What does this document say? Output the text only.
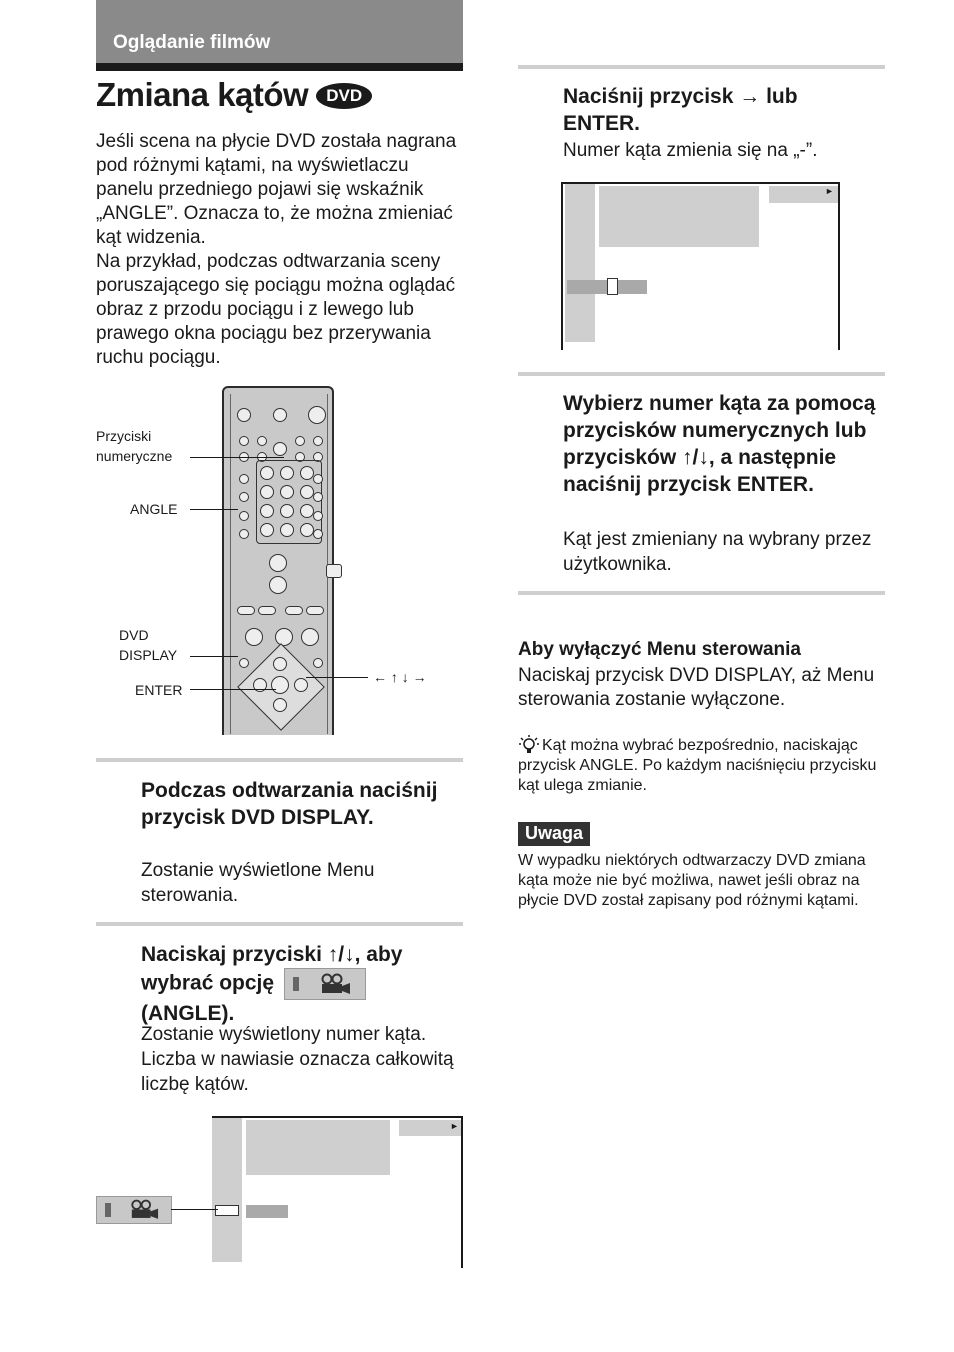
Oglądanie filmów
Zmiana kątów DVD

Jeśli scena na płycie DVD została nagrana pod różnymi kątami, na wyświetlaczu panelu przedniego pojawi się wskaźnik „ANGLE”. Oznacza to, że można zmieniać kąt widzenia.

Na przykład, podczas odtwarzania sceny poruszającego się pociągu można oglądać obraz z przodu pociągu i z lewego lub prawego okna pociągu bez przerywania ruchu pociągu.

Przyciski numeryczne
ANGLE
DVD DISPLAY
ENTER
← ↑ ↓ →
Podczas odtwarzania naciśnij przycisk DVD DISPLAY.
Zostanie wyświetlone Menu sterowania.
Naciskaj przyciski ↑/↓, aby wybrać opcję

(ANGLE).
Zostanie wyświetlony numer kąta. Liczba w nawiasie oznacza całkowitą liczbę kątów.
►
Naciśnij przycisk → lub ENTER.
Numer kąta zmienia się na „-”.
►
Wybierz numer kąta za pomocą przycisków numerycznych lub przycisków ↑/↓, a następnie naciśnij przycisk ENTER.
Kąt jest zmieniany na wybrany przez użytkownika.
Aby wyłączyć Menu sterowania
Naciskaj przycisk DVD DISPLAY, aż Menu sterowania zostanie wyłączone.
Kąt można wybrać bezpośrednio, naciskając przycisk ANGLE. Po każdym naciśnięciu przycisku kąt ulega zmianie.
Uwaga
W wypadku niektórych odtwarzaczy DVD zmiana kąta może nie być możliwa, nawet jeśli obraz na płycie DVD został zapisany pod różnymi kątami.
